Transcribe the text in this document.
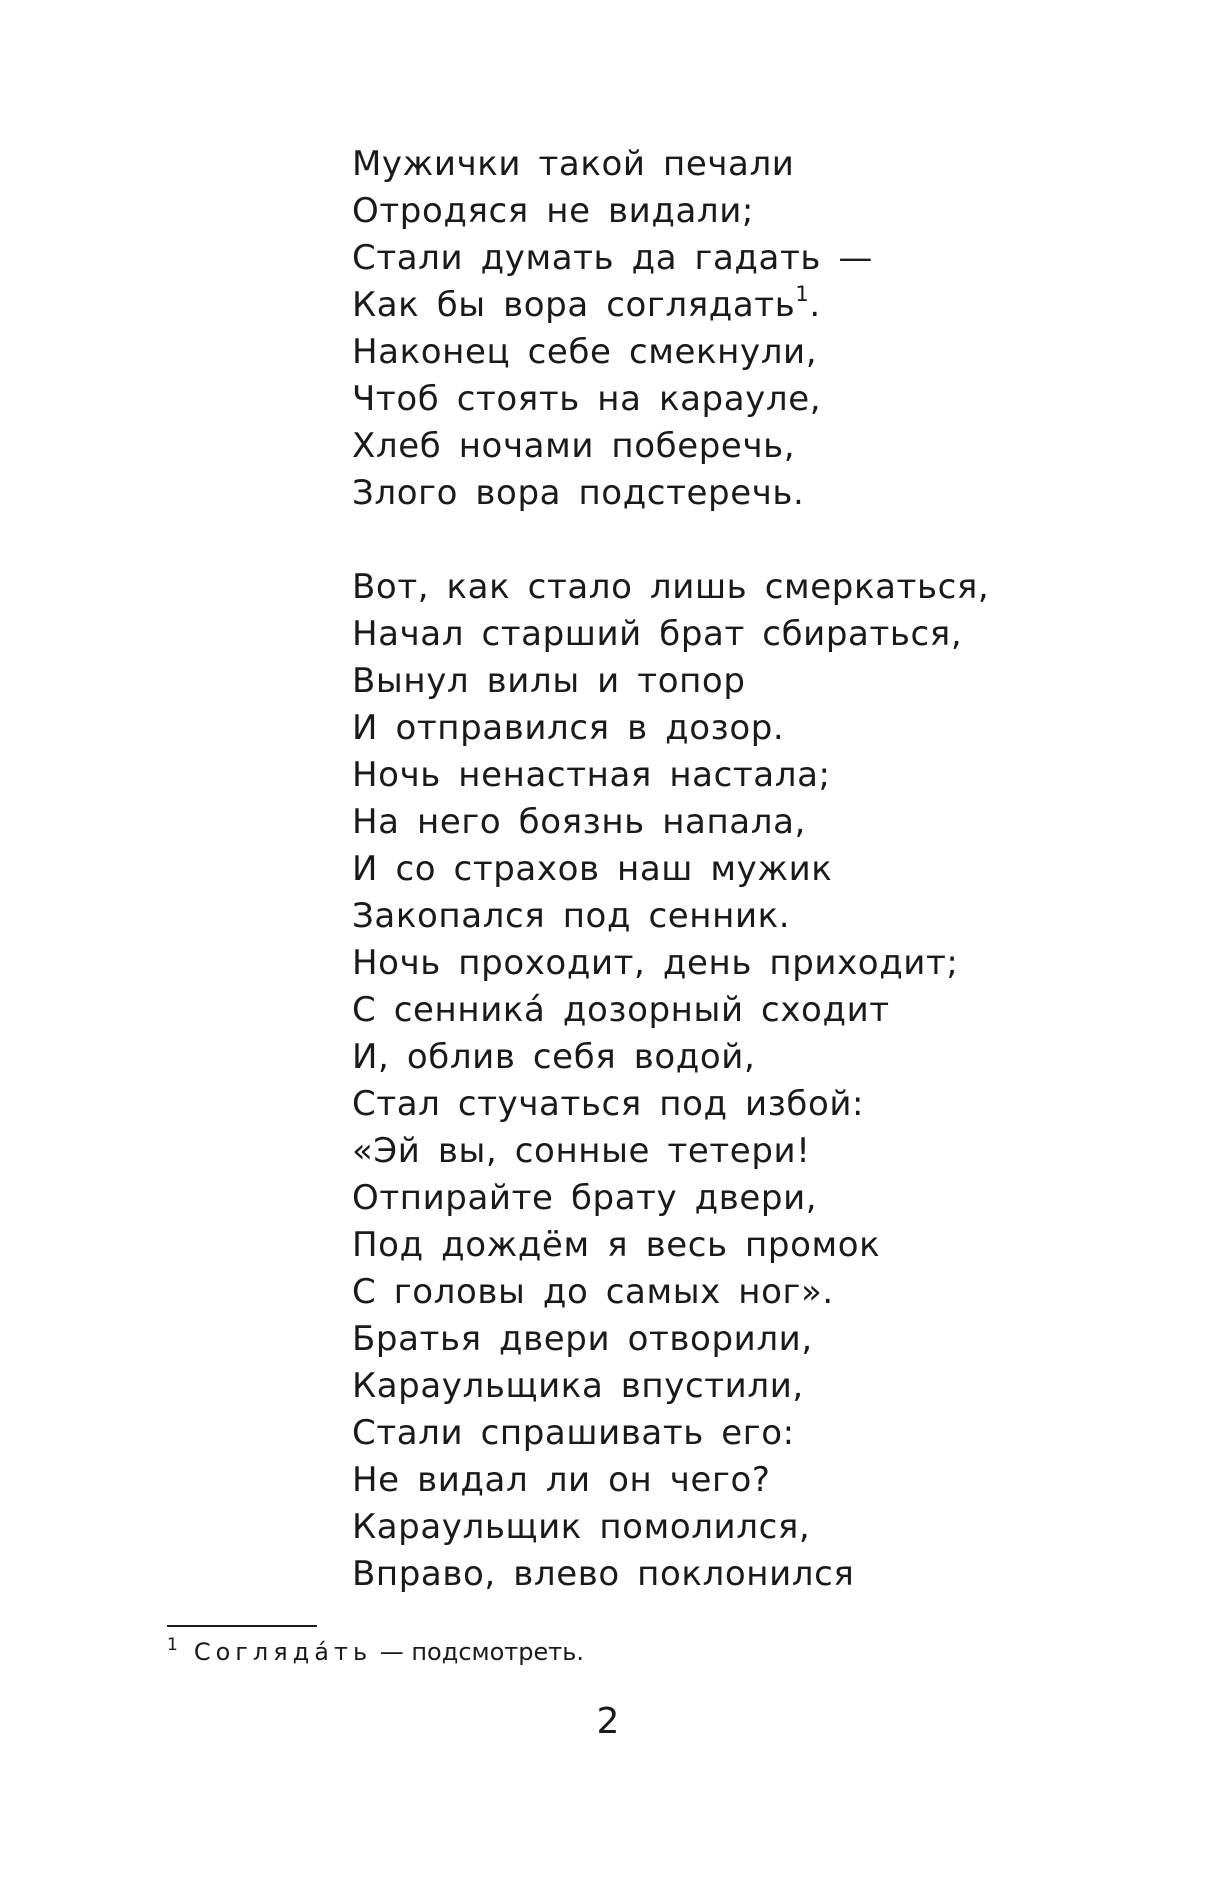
Мужички такой печали
Отродяся не видали;
Стали думать да гадать —
Как бы вора соглядать$^1$.
Наконец себе смекнули,
Чтоб стоять на карауле,
Хлеб ночами поберечь,
Злого вора подстеречь.
Вот, как стало лишь смеркаться,
Начал старший брат сбираться,
Вынул вилы и топор
И отправился в дозор.
Ночь ненастная настала;
На него боязнь напала,
И со страхов наш мужик
Закопался под сенник.
Ночь проходит, день приходит;
С сенника́ дозорный сходит
И, облив себя водой,
Стал стучаться под избой:
«Эй вы, сонные тетери!
Отпирайте брату двери,
Под дождём я весь промок
С головы до самых ног».
Братья двери отворили,
Караульщика впустили,
Стали спрашивать его:
Не видал ли он чего?
Караульщик помолился,
Вправо, влево поклонился
$^1$ Соглядáть — подсмотреть.
2
